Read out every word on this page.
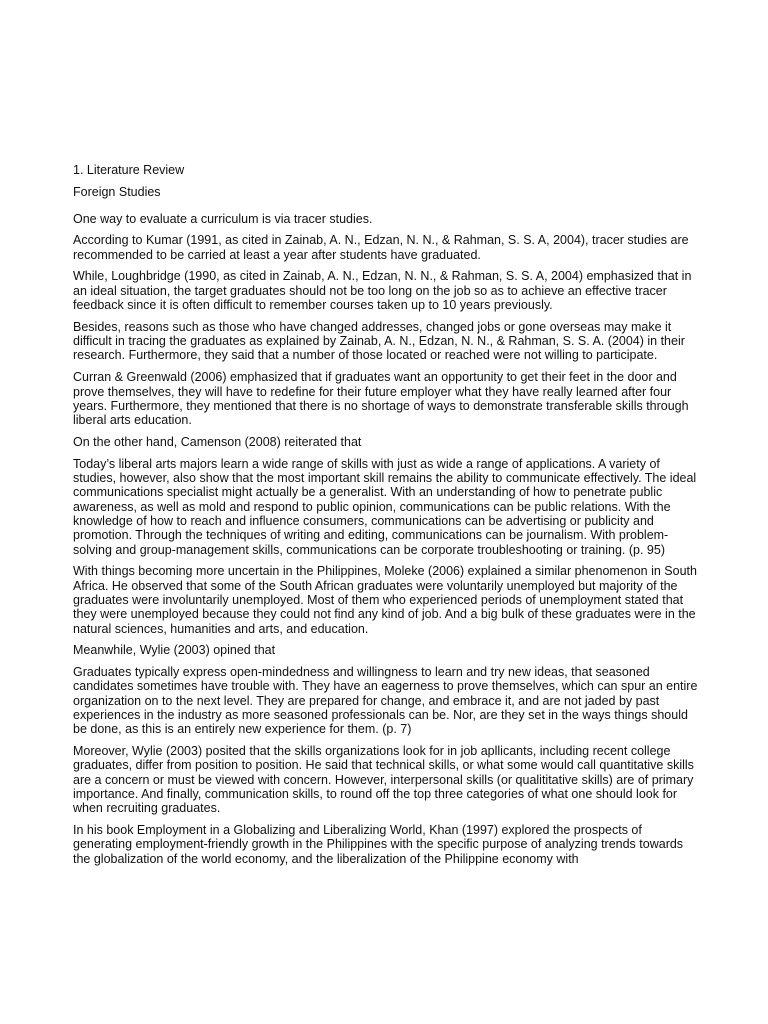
1. Literature Review

Foreign Studies

One way to evaluate a curriculum is via tracer studies.

According to Kumar (1991, as cited in Zainab, A. N., Edzan, N. N., & Rahman, S. S. A, 2004), tracer studies are recommended to be carried at least a year after students have graduated.

While, Loughbridge (1990, as cited in Zainab, A. N., Edzan, N. N., & Rahman, S. S. A, 2004) emphasized that in an ideal situation, the target graduates should not be too long on the job so as to achieve an effective tracer feedback since it is often difficult to remember courses taken up to 10 years previously.

Besides, reasons such as those who have changed addresses, changed jobs or gone overseas may make it difficult in tracing the graduates as explained by Zainab, A. N., Edzan, N. N., & Rahman, S. S. A. (2004) in their research. Furthermore, they said that a number of those located or reached were not willing to participate.

Curran & Greenwald (2006) emphasized that if graduates want an opportunity to get their feet in the door and prove themselves, they will have to redefine for their future employer what they have really learned after four years. Furthermore, they mentioned that there is no shortage of ways to demonstrate transferable skills through liberal arts education.

On the other hand, Camenson (2008) reiterated that

Today’s liberal arts majors learn a wide range of skills with just as wide a range of applications. A variety of studies, however, also show that the most important skill remains the ability to communicate effectively. The ideal communications specialist might actually be a generalist. With an understanding of how to penetrate public awareness, as well as mold and respond to public opinion, communications can be public relations. With the knowledge of how to reach and influence consumers, communications can be advertising or publicity and promotion. Through the techniques of writing and editing, communications can be journalism. With problem-solving and group-management skills, communications can be corporate troubleshooting or training. (p. 95)

With things becoming more uncertain in the Philippines, Moleke (2006) explained a similar phenomenon in South Africa. He observed that some of the South African graduates were voluntarily unemployed but majority of the graduates were involuntarily unemployed. Most of them who experienced periods of unemployment stated that they were unemployed because they could not find any kind of job. And a big bulk of these graduates were in the natural sciences, humanities and arts, and education.

Meanwhile, Wylie (2003) opined that

Graduates typically express open-mindedness and willingness to learn and try new ideas, that seasoned candidates sometimes have trouble with. They have an eagerness to prove themselves, which can spur an entire organization on to the next level. They are prepared for change, and embrace it, and are not jaded by past experiences in the industry as more seasoned professionals can be. Nor, are they set in the ways things should be done, as this is an entirely new experience for them. (p. 7)

Moreover, Wylie (2003) posited that the skills organizations look for in job apllicants, including recent college graduates, differ from position to position. He said that technical skills, or what some would call quantitative skills are a concern or must be viewed with concern. However, interpersonal skills (or qualititative skills) are of primary importance. And finally, communication skills, to round off the top three categories of what one should look for when recruiting graduates.

In his book Employment in a Globalizing and Liberalizing World, Khan (1997) explored the prospects of generating employment-friendly growth in the Philippines with the specific purpose of analyzing trends towards the globalization of the world economy, and the liberalization of the Philippine economy with
